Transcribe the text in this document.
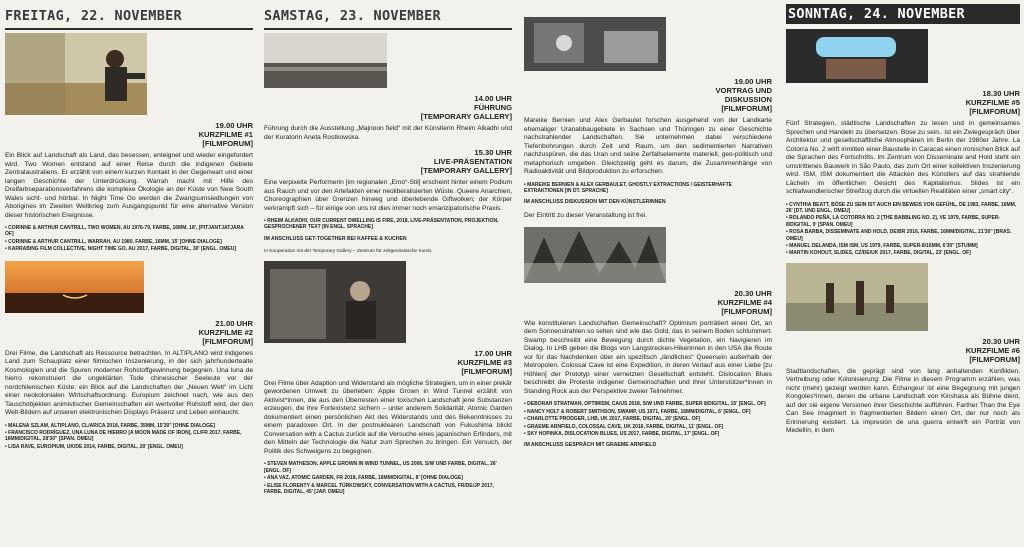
FREITAG, 22. NOVEMBER
19.00 UHR
KURZFILME #1
[FILMFORUM]
Ein Blick auf Landschaft als Land, das besessen, enteignet und wieder eingefordert wird. Two Women entstand auf einer Reise durch die indigenen Gebiete Zentralaustraliens. Er erzählt von einem kurzen Kontakt in der Gegenwart und einer langen Geschichte der Unterdrückung. Warrah macht mit Hilfe des Dreifarbseparationsverfahrens die komplexe Ökologie an der Küste von New South Wales sicht- und hörbar. In Night Time Go werden die Zwangsumsiedlungen von Aborigines im Zweiten Weltkrieg zum Ausgangspunkt für eine alternative Version dieser historischen Ereignisse.
• CORINNE & ARTHUR CANTRILL, TWO WOMEN, AU 1976-79, FARBE, 16MM, 18', [PITJANTJATJARA OF]
• CORINNE & ARTHUR CANTRILL, WARRAH, AU 1980, FARBE, 16MM, 15' [OHNE DIALOGE]
• KARRABING FILM COLLECTIVE, NIGHT TIME GO, AU 2017, FARBE, DIGITAL, 30' [ENGL. OMEU]
21.00 UHR
KURZFILME #2
[FILMFORUM]
Drei Filme, die Landschaft als Ressource betrachten. In ALTIPLANO wird indigenes Land zum Schauplatz einer filmischen Inszenierung, in der sich jahrhundertealte Kosmologien und die Spuren moderner Rohstoffgewinnung begegnen. Una luna de hierro rekonstruiert die ungeklärten Tode chinesischer Seeleute vor der nordchilenischen Küste: ein Blick auf die Landschaften der „Neuen Welt“ im Licht einer neokolonialen Wirtschaftsordnung. Europium zeichnet nach, wie aus den Tauschobjekten animistischer Gemeinschaften ein wertvoller Rohstoff wird, der den Welt-Bildern auf unseren elektronischen Displays Präsenz und Leben einhaucht.
• MALENA SZLAM, ALTIPLANO, CL/AR/CA 2018, FARBE, 35MM, 15'30" [OHNE DIALOGE]
• FRANCISCO RODRÍGUEZ, UNA LUNA DE HIERRO [A MOON MADE OF IRON], CL/FR 2017, FARBE, 16MM/DIGITAL, 28'30" [SPAN. OMEU]
• LISA RAVE, EUROPIUM, UK/DE 2014, FARBE, DIGITAL, 20' [ENGL. OMEU]
SAMSTAG, 23. NOVEMBER
14.00 UHR
FÜHRUNG
[TEMPORARY GALLERY]
Führung durch die Ausstellung „Majnoon field“ mit der Künstlerin Rheim Alkadhi und der Kuratorin Aneta Rostkowska.
15.30 UHR
LIVE-PRÄSENTATION
[TEMPORARY GALLERY]
Eine verpixelte Performerin [im regionalen „Emo“-Stil] erscheint hinter einem Podium aus Rauch und vor den Artefakten einer neoliberalisierten Wüste. Queere Anarchien, Choreographien über Grenzen hinweg und überlebende Giftwolken; der Körper verkrampft sich – für einige von uns ist dies immer noch emanzipatorische Praxis.
• RHEIM ALKADHI, OUR CURRENT DWELLING IS FIRE, 2018, LIVE-PRÄSENTATION, PROJEKTION, GESPROCHENER TEXT [IN ENGL. SPRACHE]
IM ANSCHLUSS GET-TOGETHER BEI KAFFEE & KUCHEN
In Kooperation mit der Temporary Gallery – Zentrum für zeitgenössische Kunst.
17.00 UHR
KURZFILME #3
[FILMFORUM]
Drei Filme über Adaption und Widerstand als mögliche Strategien, um in einer prekär gewordenen Umwelt zu überleben: Apple Grown in Wind Tunnel erzählt von Aktivist*innen, die aus den Überresten einer toxischen Landschaft jene Substanzen erzeugen, die ihre Fortexistenz sichern – unter anderem Solidarität. Atomic Garden dokumentiert einen persönlichen Akt des Widerstands und des Bekenntnisses zu einem paradoxen Ort. In der postnuklearen Landschaft von Fukushima blickt Conversation with a Cactus zurück auf die Versuche eines japanischen Erfinders, mit den Mitteln der Technologie die Natur zum Sprechen zu bringen. Ein Versuch, der Politik des Schweigens zu begegnen.
• STEVEN MATHESON, APPLE GROWN IN WIND TUNNEL, US 2006, S/W UND FARBE, DIGITAL, 26' [ENGL. OF]
• ANA VAZ, ATOMIC GARDEN, FR 2018, FARBE, 16MM/DIGITAL, 8' [OHNE DIALOGE]
• ELISE FLORENTY & MARCEL TÜRKOWSKY, CONVERSATION WITH A CACTUS, FR/DE/JP 2017, FARBE, DIGITAL, 45' [JAP. OMEU]
19.00 UHR
VORTRAG UND
DISKUSSION
[FILMFORUM]
Mareike Bernien und Alex Gerbaulet forschen ausgehend von der Landkarte ehemaliger Uranabbaugebiete in Sachsen und Thüringen zu einer Geschichte nachstrahlender Landschaften. Sie unternehmen dabei verschiedene Tiefenbohrungen durch Zeit und Raum, um den sedimentierten Narrativen nachzuspüren, die das Uran und seine Zerfallselemente materiell, geo-politisch und metaphorisch umgeben. Gleichzeitig geht es darum, die Zusammenhänge von Radioaktivität und Bildproduktion zu erforschen.
• MAREIKE BERNIEN & ALEX GERBAULET, GHOSTLY EXTRACTIONS / GEISTERHAFTE EXTRAKTIONEN [IN DT. SPRACHE]
IM ANSCHLUSS DISKUSSION MIT DEN KÜNSTLERINNEN
Der Eintritt zu dieser Veranstaltung ist frei.
20.30 UHR
KURZFILME #4
[FILMFORUM]
Wie konstituieren Landschaften Gemeinschaft? Optimism porträtiert einen Ort, an dem Sonnenstrahlen so selten sind wie das Gold, das in seinem Boden schlummert. Swamp beschreibt eine Bewegung durch dichte Vegetation, ein Navigieren im Dialog. In LHB geben die Blogs von Langstrecken-Hikerinnen in den USA die Route vor für das Nachdenken über ein spezifisch „ländliches“ Queersein außerhalb der Metropolen. Colossal Cave ist eine Expedition, in deren Verlauf aus einer Liebe [zu Höhlen] der Prototyp einer vernetzten Gesellschaft entsteht. Dislocation Blues beschreibt die Proteste indigener Gemeinschaften und ihrer Unterstützer*innen in Standing Rock aus der Perspektive zweier Teilnehmer.
• DEBORAH STRATMAN, OPTIMISM, CA/US 2018, S/W UND FARBE, SUPER 8/DIGITAL, 15' [ENGL. OF]
• NANCY HOLT & ROBERT SMITHSON, SWAMP, US 1971, FARBE, 16MM/DIGITAL, 6' [ENGL. OF]
• CHARLOTTE PRODGER, LHB, UK 2017, FARBE, DIGITAL, 20' [ENGL. OF]
• GRAEME ARNFIELD, COLOSSAL CAVE, UK 2016, FARBE, DIGITAL, 11' [ENGL. OF]
• SKY HOPINKA, DISLOCATION BLUES, US 2017, FARBE, DIGITAL, 17' [ENGL. OF]
IM ANSCHLUSS GESPRÄCH MIT GRAEME ARNFIELD
SONNTAG, 24. NOVEMBER
18.30 UHR
KURZFILME #5
[FILMFORUM]
Fünf Strategien, städtische Landschaften zu lesen und in gemeinsames Sprechen und Handeln zu übersetzen. Bòse zu sein.. ist ein Zwiegespräch über Architektur und gesellschaftliche Atmosphären im Berlin der 1980er Jahre. La Cotorra No. 2 wirft inmitten einer Baustelle in Caracas einen ironischen Blick auf die Sprachen des Fortschritts. Im Zentrum von Disseminate and Hold steht ein umstrittenes Bauwerk in São Paulo, das zum Ort einer kollektiven Inszenierung wird. ISM, ISM dokumentiert die Attacken des Künstlers auf das strahlende Lächeln im öffentlichen Gesicht des Kapitalismus. Slides ist ein schlafwandlerischer Streifzug durch die virtuellen Realitäten einer „smart city“.
• CYNTHIA BEATT, BÖSE ZU SEIN IST AUCH EIN BEWEIS VON GEFÜHL, DE 1983, FARBE, 16MM, 26' [DT. UND ENGL. OMEU]
• ROLANDO PEÑA, LA COTORRA NO. 2 [THE BABBLING NO. 2], VE 1979, FARBE, SUPER-8/DIGITAL, 9' [SPAN. OMEU]
• ROSA BARBA, DISSEMINATE AND HOLD, DE/BR 2016, FARBE, 16MM/DIGITAL, 21'30" [BRAS. OMEU]
• MANUEL DELANDA, ISM ISM, US 1979, FARBE, SUPER-8/16MM, 6'30" [STUMM]
• MARTIN KOHOUT, SLIDES, CZ/DE/UK 2017, FARBE, DIGITAL, 22' [ENGL. OF]
20.30 UHR
KURZFILME #6
[FILMFORUM]
Stadtlandschaften, die geprägt sind von lang anhaltenden Konflikten, Vertreibung oder Kolonisierung: Die Filme in diesem Programm erzählen, was nicht (mehr) gezeigt werden kann. Échangeur ist eine Begegnung mit jungen Kongoles*innen, denen die urbane Landschaft von Kinshasa als Bühne dient, auf der sie eigene Versionen ihrer Geschichte aufführen. Farther Than the Eye Can See imaginiert in fragmentierten Bildern einen Ort, der nur noch als Erinnerung existiert. La impresión de una guerra entwirft ein Porträt von Medellín, in dem
